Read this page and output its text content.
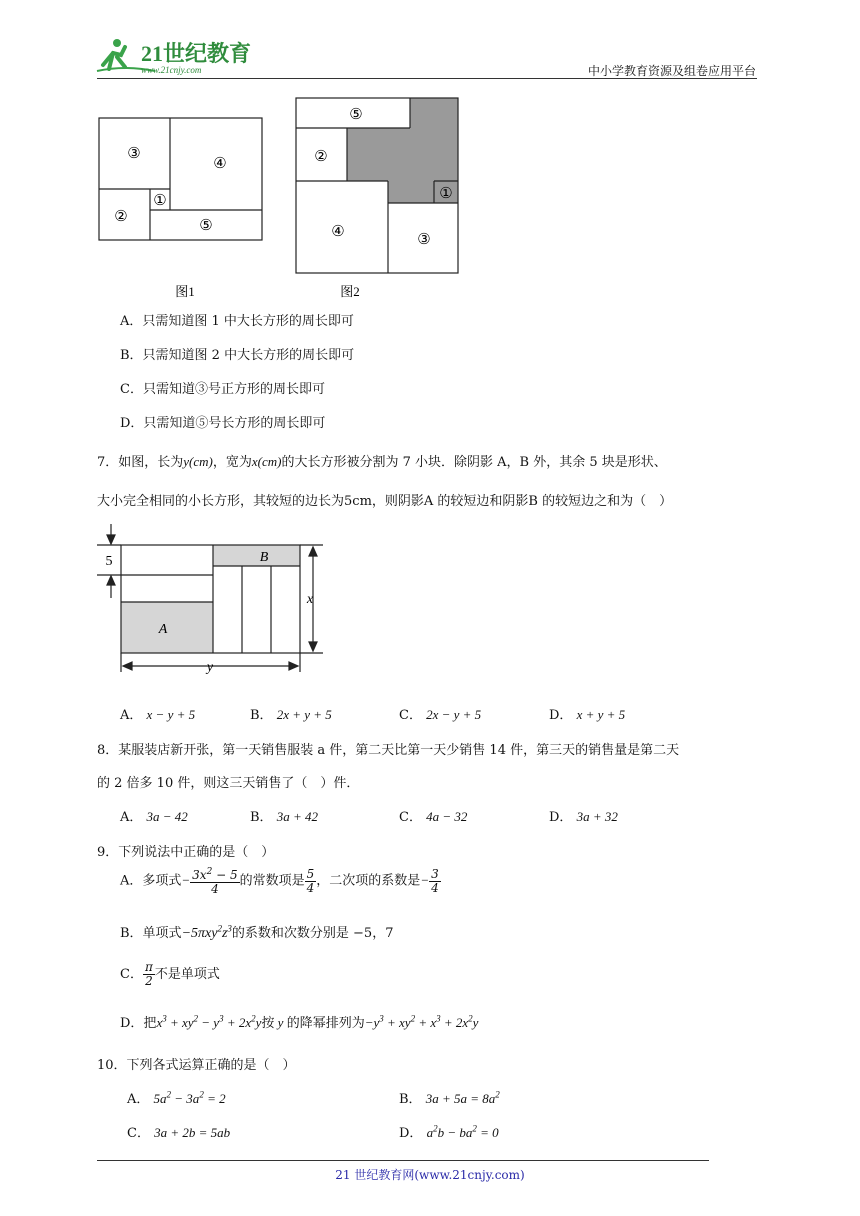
21世纪教育
www.21cnjy.com	中小学教育资源及组卷应用平台
③
④
②
①
⑤
图1
⑤
②
①
④	③
图2
A．只需知道图 1 中大长方形的周长即可
B．只需知道图 2 中大长方形的周长即可
C．只需知道③号正方形的周长即可
D．只需知道⑤号长方形的周长即可
7．如图，长为y(cm)，宽为x(cm)的大长方形被分割为 7 小块．除阴影 A，B 外，其余 5 块是形状、
大小完全相同的小长方形，其较短的边长为5cm，则阴影A 的较短边和阴影B 的较短边之和为（　）
5
A
B
x
y
A． x − y + 5	B． 2x + y + 5	C． 2x − y + 5	D． x + y + 5
8．某服装店新开张，第一天销售服装 a 件，第二天比第一天少销售 14 件，第三天的销售量是第二天
的 2 倍多 10 件，则这三天销售了（　）件．
A． 3a − 42	B． 3a + 42	C． 4a − 32	D． 3a + 32
9．下列说法中正确的是（　）
A．多项式− $\frac{3x^2 - 5}{4}$ 的常数项是 $\frac{5}{4}$ ，二次项的系数是− $\frac{3}{4}$
B．单项式$-5\pi xy^2z^3$的系数和次数分别是 −5，7
C． $\frac{\pi}{2}$ 不是单项式
D．把$x^3 + xy^2 - y^3 + 2x^2y$按 y 的降幂排列为$-y^3 + xy^2 + x^3 + 2x^2y$
10．下列各式运算正确的是（　）
A． $5a^2 - 3a^2 = 2$	B． $3a + 5a = 8a^2$
C． 3a + 2b = 5ab	D． $a^2b - ba^2 = 0$
21 世纪教育网(www.21cnjy.com)
